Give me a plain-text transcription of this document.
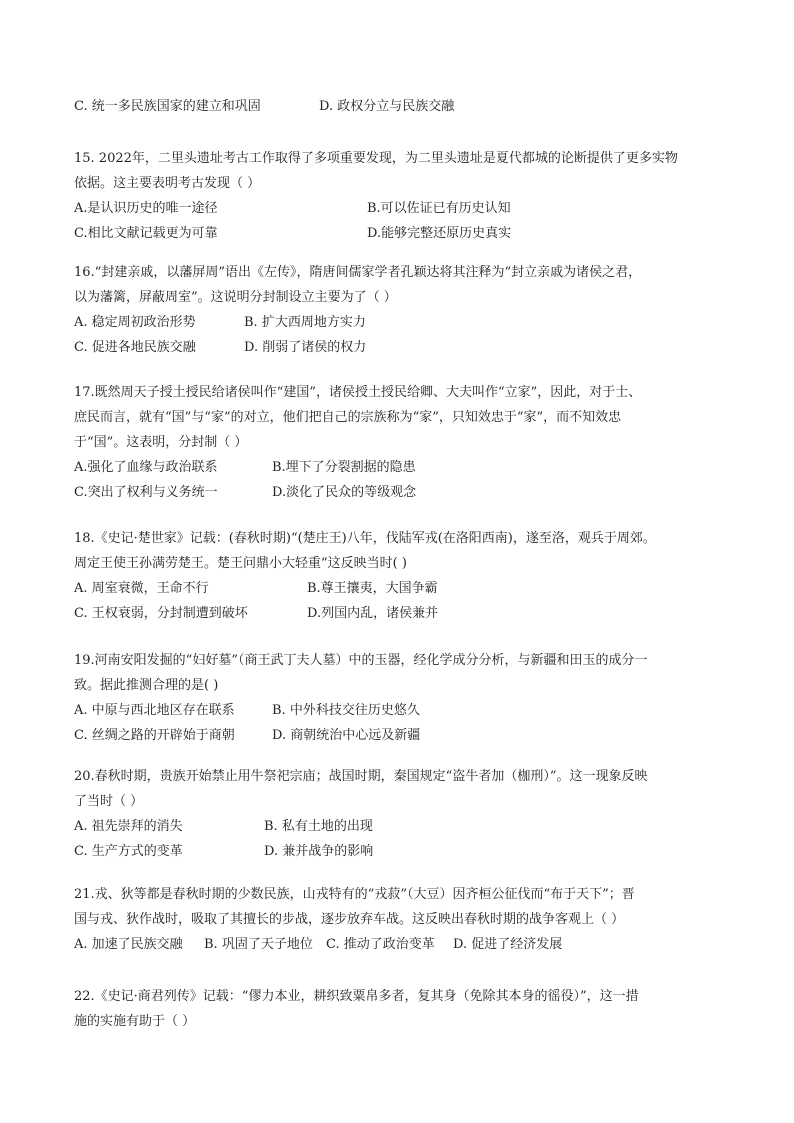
C. 统一多民族国家的建立和巩固	D. 政权分立与民族交融
15. 2022年，二里头遗址考古工作取得了多项重要发现，为二里头遗址是夏代都城的论断提供了更多实物
依据。这主要表明考古发现（ ）
A.是认识历史的唯一途径	B.可以佐证已有历史认知
C.相比文献记载更为可靠	D.能够完整还原历史真实
16.“封建亲戚，以藩屏周”语出《左传》，隋唐间儒家学者孔颖达将其注释为“封立亲戚为诸侯之君，
以为藩篱，屏蔽周室”。这说明分封制设立主要为了（ ）
A. 稳定周初政治形势	B. 扩大西周地方实力
C. 促进各地民族交融	D. 削弱了诸侯的权力
17.既然周天子授土授民给诸侯叫作“建国”，诸侯授土授民给卿、大夫叫作“立家”，因此，对于士、
庶民而言，就有“国”与“家”的对立，他们把自己的宗族称为“家”，只知效忠于“家”，而不知效忠
于“国”。这表明，分封制（ ）
A.强化了血缘与政治联系	B.埋下了分裂割据的隐患
C.突出了权利与义务统一	D.淡化了民众的等级观念
18.《史记·楚世家》记载：(春秋时期)“(楚庄王)八年，伐陆军戎(在洛阳西南)，遂至洛，观兵于周郊。
周定王使王孙满劳楚王。楚王问鼎小大轻重”这反映当时( )
A. 周室衰微，王命不行	B.尊王攘夷，大国争霸
C. 王权衰弱，分封制遭到破坏	D.列国内乱，诸侯兼并
19.河南安阳发掘的“妇好墓”（商王武丁夫人墓）中的玉器，经化学成分分析，与新疆和田玉的成分一
致。据此推测合理的是( )
A. 中原与西北地区存在联系	B. 中外科技交往历史悠久
C. 丝绸之路的开辟始于商朝	D. 商朝统治中心远及新疆
20.春秋时期，贵族开始禁止用牛祭祀宗庙；战国时期，秦国规定“盗牛者加（枷刑）”。这一现象反映
了当时（ ）
A. 祖先崇拜的消失	B. 私有土地的出现
C. 生产方式的变革	D. 兼并战争的影响
21.戎、狄等都是春秋时期的少数民族，山戎特有的“戎菽”（大豆）因齐桓公征伐而“布于天下”；晋
国与戎、狄作战时，吸取了其擅长的步战，逐步放弃车战。这反映出春秋时期的战争客观上（ ）
A. 加速了民族交融	B. 巩固了天子地位	C. 推动了政治变革	D. 促进了经济发展
22.《史记·商君列传》记载：“僇力本业，耕织致粟帛多者，复其身（免除其本身的徭役）”，这一措
施的实施有助于（ ）
